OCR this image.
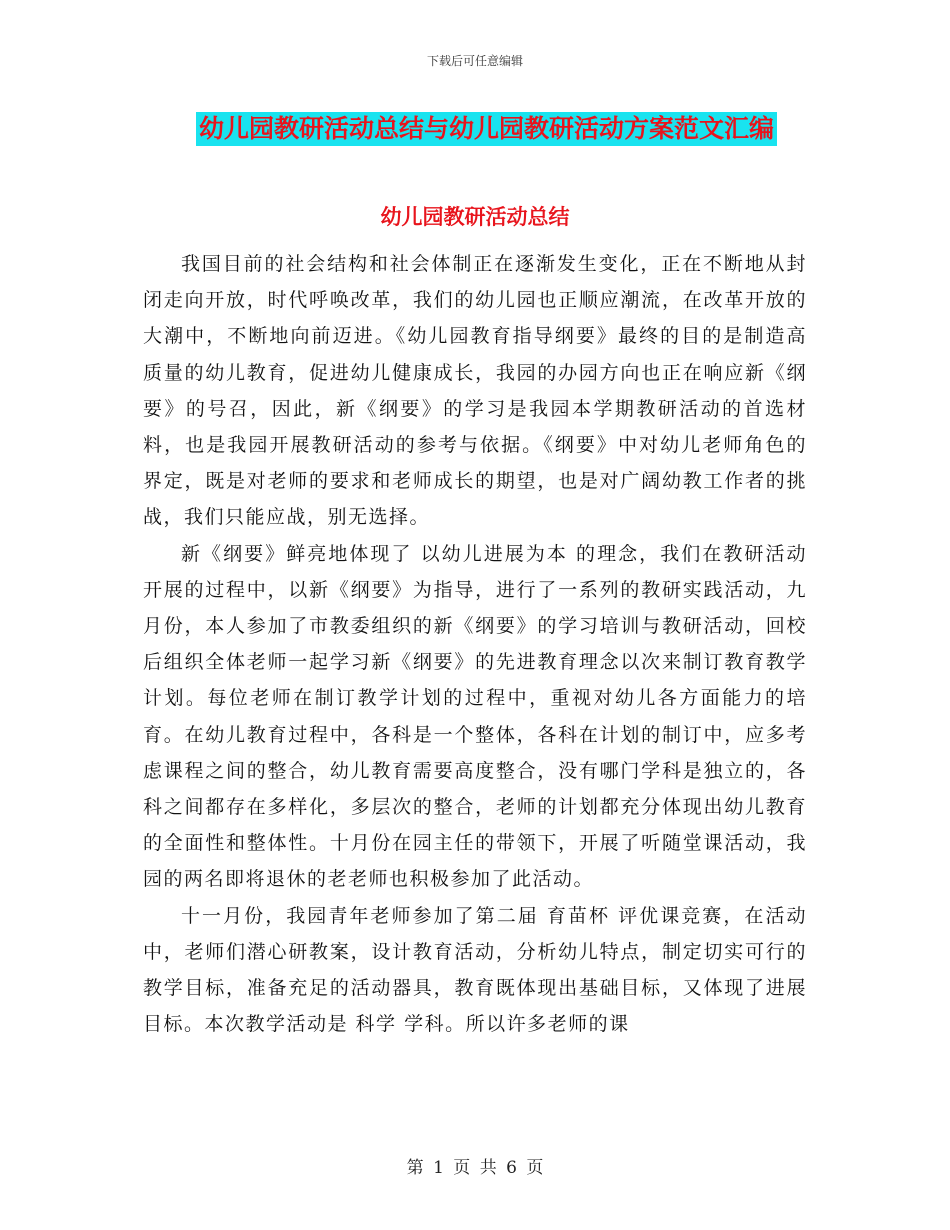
下载后可任意编辑
幼儿园教研活动总结与幼儿园教研活动方案范文汇编
幼儿园教研活动总结

我国目前的社会结构和社会体制正在逐渐发生变化，正在不断地从封闭走向开放，时代呼唤改革，我们的幼儿园也正顺应潮流，在改革开放的大潮中，不断地向前迈进。《幼儿园教育指导纲要》最终的目的是制造高质量的幼儿教育，促进幼儿健康成长，我园的办园方向也正在响应新《纲要》的号召，因此，新《纲要》的学习是我园本学期教研活动的首选材料，也是我园开展教研活动的参考与依据。《纲要》中对幼儿老师角色的界定，既是对老师的要求和老师成长的期望，也是对广阔幼教工作者的挑战，我们只能应战，别无选择。

新《纲要》鲜亮地体现了 以幼儿进展为本 的理念，我们在教研活动开展的过程中，以新《纲要》为指导，进行了一系列的教研实践活动，九月份，本人参加了市教委组织的新《纲要》的学习培训与教研活动，回校后组织全体老师一起学习新《纲要》的先进教育理念以次来制订教育教学计划。每位老师在制订教学计划的过程中，重视对幼儿各方面能力的培育。在幼儿教育过程中，各科是一个整体，各科在计划的制订中，应多考虑课程之间的整合，幼儿教育需要高度整合，没有哪门学科是独立的，各科之间都存在多样化，多层次的整合，老师的计划都充分体现出幼儿教育的全面性和整体性。十月份在园主任的带领下，开展了听随堂课活动，我园的两名即将退休的老老师也积极参加了此活动。

十一月份，我园青年老师参加了第二届 育苗杯 评优课竞赛，在活动中，老师们潜心研教案，设计教育活动，分析幼儿特点，制定切实可行的教学目标，准备充足的活动器具，教育既体现出基础目标，又体现了进展目标。本次教学活动是 科学 学科。所以许多老师的课

第 1 页 共 6 页
